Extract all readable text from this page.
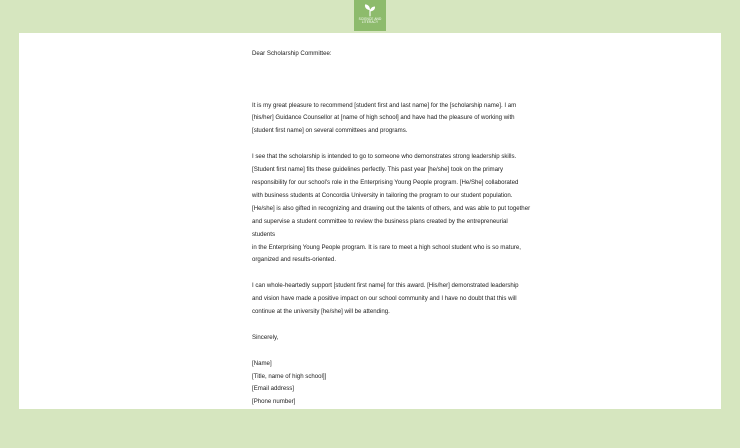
SCIENCE AND LITERACY
Dear Scholarship Committee:
It is my great pleasure to recommend [student first and last name] for the [scholarship name]. I am
[his/her] Guidance Counsellor at [name of high school] and have had the pleasure of working with
[student first name] on several committees and programs.
I see that the scholarship is intended to go to someone who demonstrates strong leadership skills.
[Student first name] fits these guidelines perfectly. This past year [he/she] took on the primary
responsibility for our school's role in the Enterprising Young People program. [He/She] collaborated
with business students at Concordia University in tailoring the program to our student population.
[He/she] is also gifted in recognizing and drawing out the talents of others, and was able to put together
and supervise a student committee to review the business plans created by the entrepreneurial
students
in the Enterprising Young People program. It is rare to meet a high school student who is so mature,
organized and results-oriented.
I can whole-heartedly support [student first name] for this award. [His/her] demonstrated leadership
and vision have made a positive impact on our school community and I have no doubt that this will
continue at the university [he/she] will be attending.
Sincerely,
[Name]
[Title, name of high school]]
[Email address]
[Phone number]
